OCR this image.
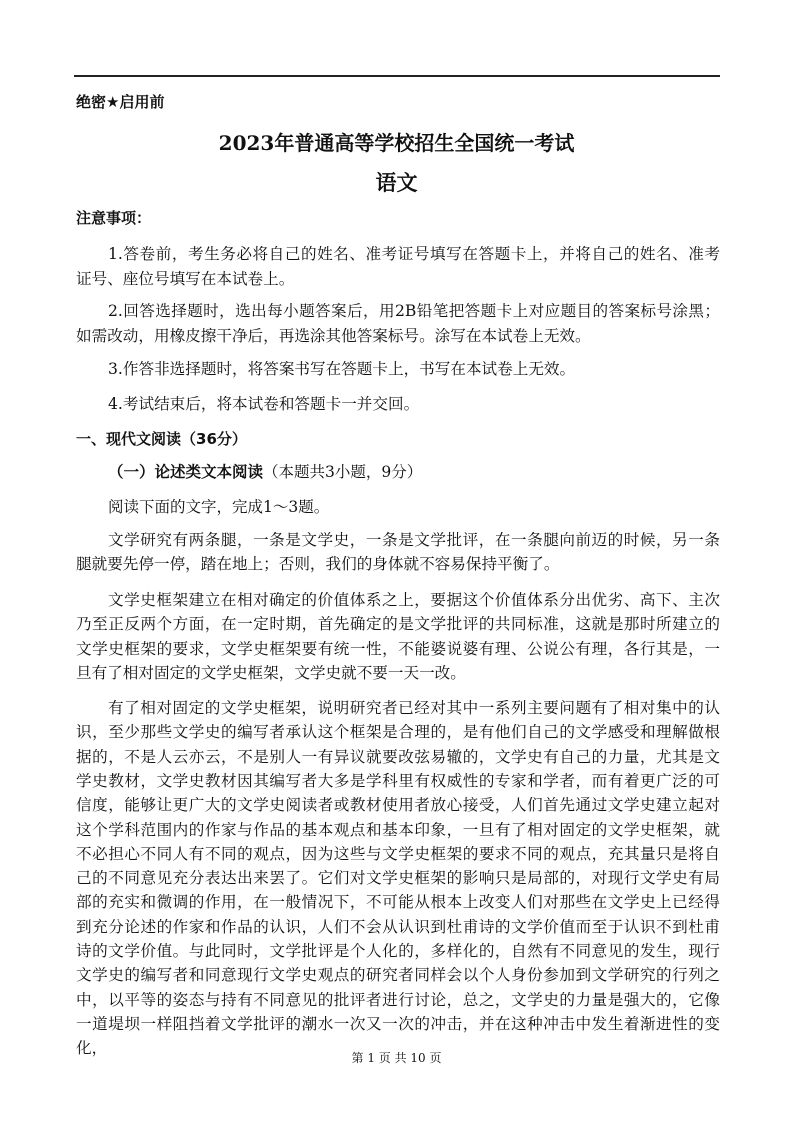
绝密★启用前
2023年普通高等学校招生全国统一考试
语文
注意事项：
1.答卷前，考生务必将自己的姓名、准考证号填写在答题卡上，并将自己的姓名、准考
证号、座位号填写在本试卷上。
2.回答选择题时，选出每小题答案后，用2B铅笔把答题卡上对应题目的答案标号涂黑；
如需改动，用橡皮擦干净后，再选涂其他答案标号。涂写在本试卷上无效。
3.作答非选择题时，将答案书写在答题卡上，书写在本试卷上无效。
4.考试结束后，将本试卷和答题卡一并交回。
一、现代文阅读（36分）
（一）论述类文本阅读（本题共3小题，9分）
阅读下面的文字，完成1～3题。
文学研究有两条腿，一条是文学史，一条是文学批评，在一条腿向前迈的时候，另一条
腿就要先停一停，踏在地上；否则，我们的身体就不容易保持平衡了。
文学史框架建立在相对确定的价值体系之上，要据这个价值体系分出优劣、高下、主次
乃至正反两个方面，在一定时期，首先确定的是文学批评的共同标准，这就是那时所建立的
文学史框架的要求，文学史框架要有统一性，不能婆说婆有理、公说公有理，各行其是，一
旦有了相对固定的文学史框架，文学史就不要一天一改。
有了相对固定的文学史框架，说明研究者已经对其中一系列主要问题有了相对集中的认
识，至少那些文学史的编写者承认这个框架是合理的，是有他们自己的文学感受和理解做根
据的，不是人云亦云，不是别人一有异议就要改弦易辙的，文学史有自己的力量，尤其是文
学史教材，文学史教材因其编写者大多是学科里有权威性的专家和学者，而有着更广泛的可
信度，能够让更广大的文学史阅读者或教材使用者放心接受，人们首先通过文学史建立起对
这个学科范围内的作家与作品的基本观点和基本印象，一旦有了相对固定的文学史框架，就
不必担心不同人有不同的观点，因为这些与文学史框架的要求不同的观点，充其量只是将自
己的不同意见充分表达出来罢了。它们对文学史框架的影响只是局部的，对现行文学史有局
部的充实和微调的作用，在一般情况下，不可能从根本上改变人们对那些在文学史上已经得
到充分论述的作家和作品的认识，人们不会从认识到杜甫诗的文学价值而至于认识不到杜甫
诗的文学价值。与此同时，文学批评是个人化的，多样化的，自然有不同意见的发生，现行
文学史的编写者和同意现行文学史观点的研究者同样会以个人身份参加到文学研究的行列之
中，以平等的姿态与持有不同意见的批评者进行讨论，总之，文学史的力量是强大的，它像
一道堤坝一样阻挡着文学批评的潮水一次又一次的冲击，并在这种冲击中发生着渐进性的变
化，
第 1 页 共 10 页
